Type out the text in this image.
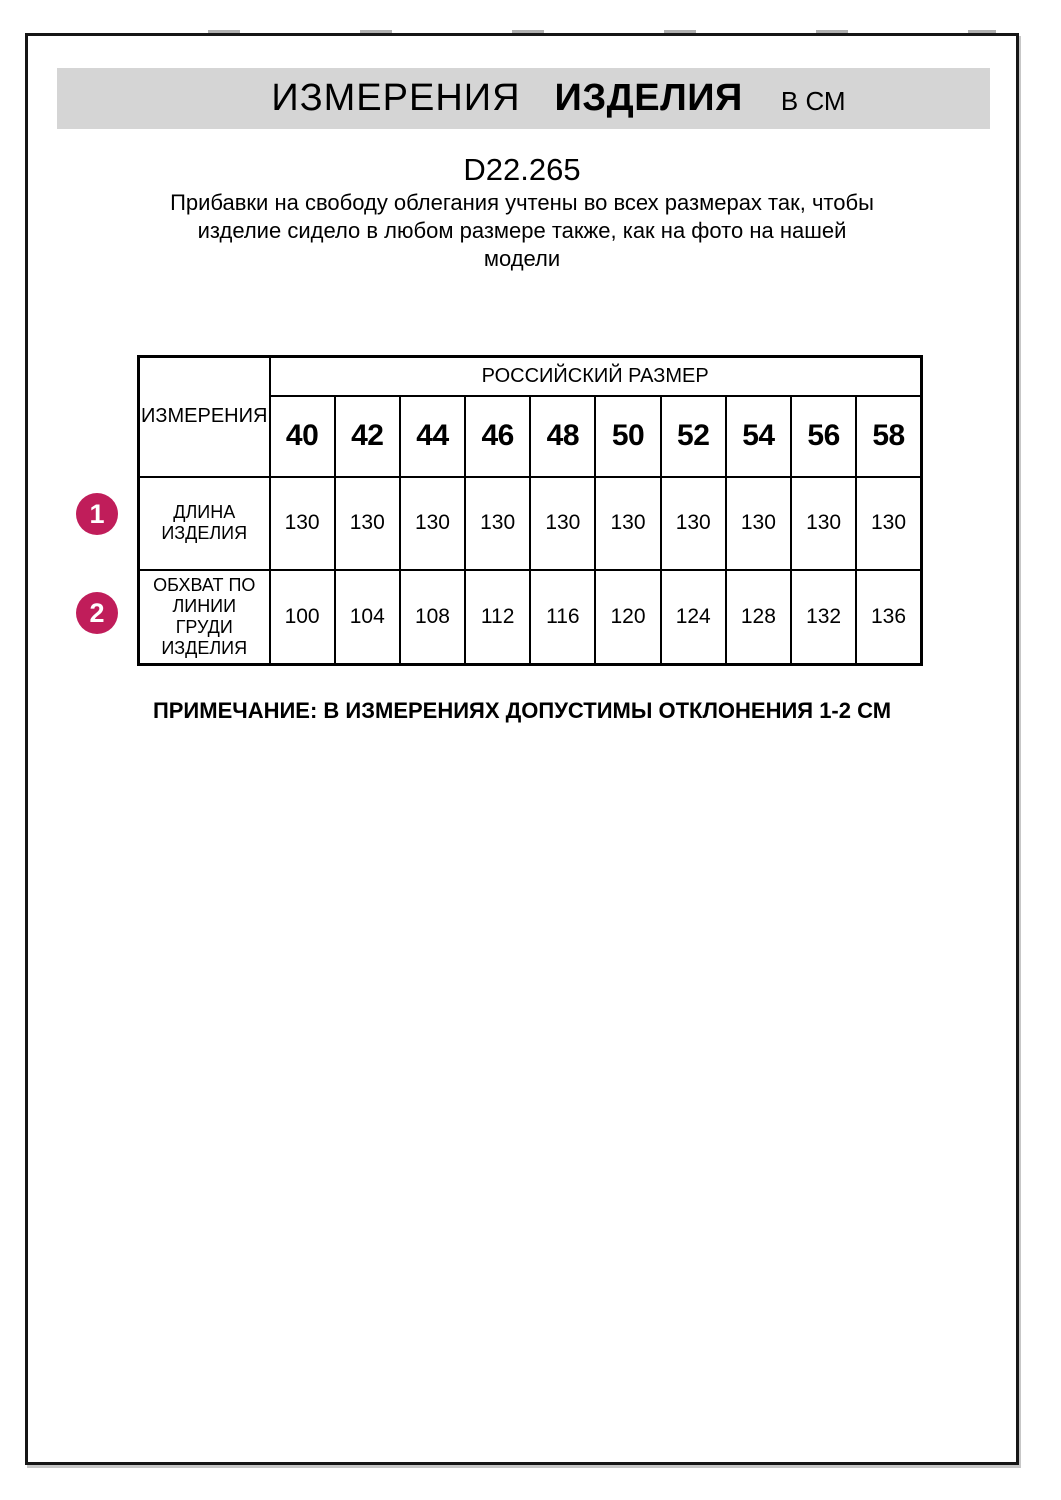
ИЗМЕРЕНИЯ ИЗДЕЛИЯ В СМ
D22.265
Прибавки на свободу облегания учтены во всех размерах так, чтобы
изделие сидело в любом размере также, как на фото на нашей
модели
1
2
ИЗМЕРЕНИЯ	РОССИЙСКИЙ РАЗМЕР									
	40	42	44	46	48	50	52	54	56	58
ДЛИНА
ИЗДЕЛИЯ	130	130	130	130	130	130	130	130	130	130
ОБХВАТ ПО
ЛИНИИ
ГРУДИ
ИЗДЕЛИЯ	100	104	108	112	116	120	124	128	132	136
ПРИМЕЧАНИЕ: В ИЗМЕРЕНИЯХ ДОПУСТИМЫ ОТКЛОНЕНИЯ 1-2 СМ
